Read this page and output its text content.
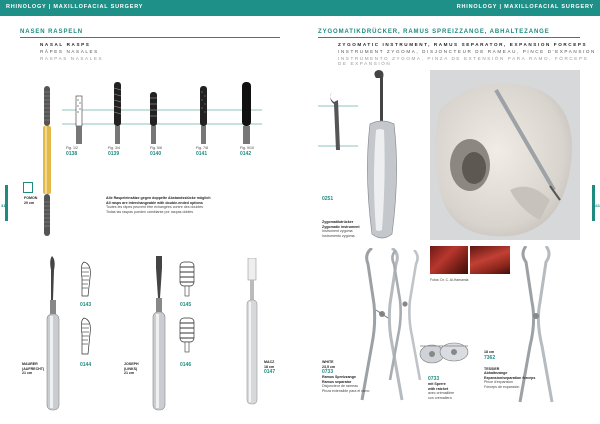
RHINOLOGY | MAXILLOFACIAL SURGERY	RHINOLOGY | MAXILLOFACIAL SURGERY
NASEN RASPELN
NASAL RASPS
RÂPES NASALES
RASPAS NASALES
310
FOMON
20 cm
Fig. 1/2
0138
Fig. 3/4
0139
Fig. 5/6
0140
Fig. 7/8
0141
Fig. 9/10
0142
Alle Raspeleinsätze gegen doppelte Abstandsstücke möglich
All rasps are interchangeable with double-ended options
Toutes les râpes peuvent être échangées contre des doubles
Todas las raspas pueden cambiarse por raspas dobles
0143
0144
MAURER
(AUFRECHT)
21 cm
0145
0146
JOSEPH
(LINKS)
21 cm
MACZ
18 cm
0147
ZYGOMATIKDRÜCKER, RAMUS SPREIZZANGE, ABHALTEZANGE
ZYGOMATIC INSTRUMENT, RAMUS SEPARATOR, EXPANSION FORCEPS
INSTRUMENT ZYGOMA, DISJONCTEUR DE RAMEAU, PINCE D'EXPANSION
INSTRUMENTO ZYGOMA, PINZA DE EXTENSIÓN PARA RAMO, FÓRCEPS DE EXPANSIÓN
311
0251
Zygomatikdrücker
Zygomatic instrument
Instrument zygoma
Instrumento zygoma
Fotos: Dr. C. Al-Hamamia
WHITE
23,5 cm
0733
Ramus Spreizzange
Ramus separator
Disjoncteur de rameau
Pinza extensible para el ramo
0733
mit Sperre
with ratchet
avec crémaillère
con cremallera
18 cm
7362
TESSIER
Abhaltezange
Expansion/separation forceps
Pince d'expansion
Fórceps de expansión
